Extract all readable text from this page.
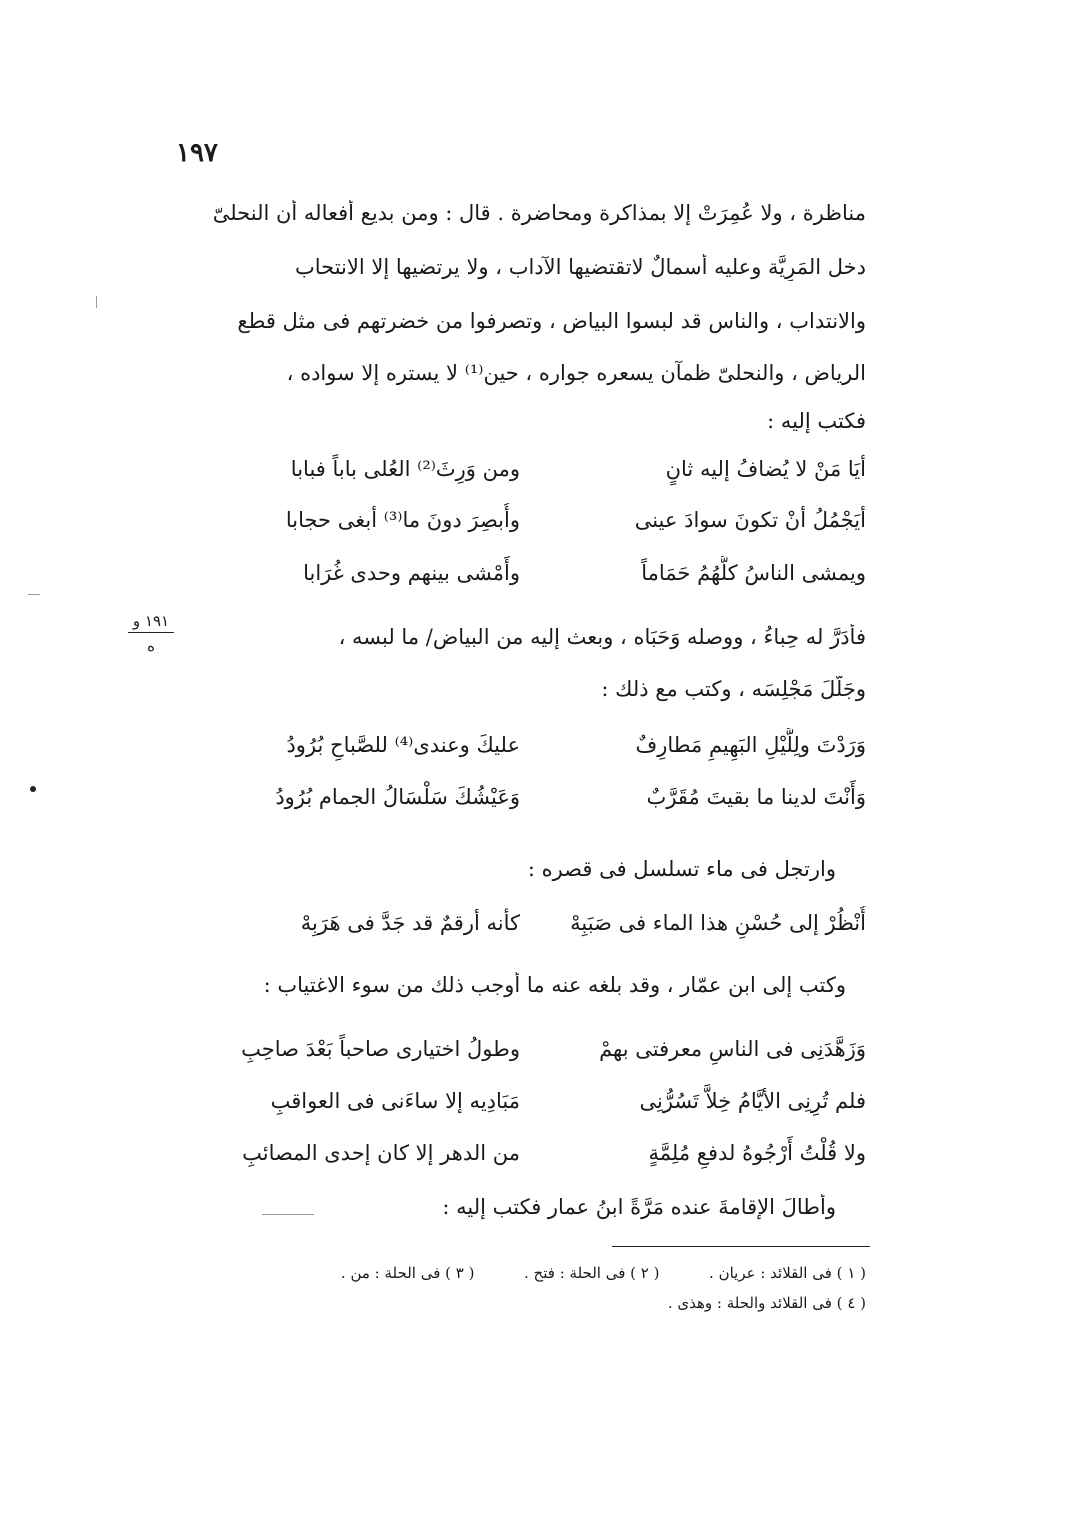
١٩٧
مناظرة ، ولا عُمِرَتْ إلا بمذاكرة ومحاضرة . قال : ومن بديع أفعاله أن النحلىّ
دخل المَرِيَّة وعليه أسمالٌ لاتقتضيها الآداب ، ولا يرتضيها إلا الانتحاب
والانتداب ، والناس قد لبسوا البياض ، وتصرفوا من خضرتهم فى مثل قطع
الرياض ، والنحلىّ ظمآن يسعره جواره ، حين⁽¹⁾ لا يستره إلا سواده ،
فكتب إليه :
أيَا مَنْ لا يُضافُ إليه ثانٍ
ومن وَرِثَ⁽²⁾ العُلى باباً فبابا
أيَجْمُلُ أنْ تكونَ سوادَ عينى
وأُبصِرَ دونَ ما⁽³⁾ أبغى حجابا
ويمشى الناسُ كلُّهُمُ حَمَاماً
وأَمْشى بينهم وحدى غُرَابا
فأَدَرَّ له حِباءُ ، ووصله وَحَبَاه ، وبعث إليه من البياض/ ما لبسه ،
١٩١ و
ه
وجَلَّلَ مَجْلِسَه ، وكتب مع ذلك :
وَرَدْتَ ولِلَّيْلِ البَهِيمِ مَطارِفٌ
عليكَ وعندى⁽⁴⁾ للصَّباحِ بُرُودُ
وَأَنْتَ لدينا ما بقيتَ مُقَرَّبٌ
وَعَيْشُكَ سَلْسَالُ الجمام بُرُودُ
وارتجل فى ماء تسلسل فى قصره :
أُنْظُرْ إلى حُسْنِ هذا الماء فى صَبَبِهْ
كأنه أرقمٌ قد جَدَّ فى هَرَبِهْ
وكتب إلى ابن عمّار ، وقد بلغه عنه ما أوجب ذلك من سوء الاغتياب :
وَزَهَّدَنِى فى الناسِ معرفتى بهمْ
وطولُ اختيارى صاحباً بَعْدَ صاحِبِ
فلم تُرِنِى الأيَّامُ خِلاًّ تَسُرُّنِى
مَبَادِيه إلا ساءَنى فى العواقبِ
ولا قُلْتُ أَرْجُوهُ لدفعِ مُلِمَّةٍ
من الدهر إلا كان إحدى المصائبِ
وأطالَ الإقامةَ عنده مَرَّةً ابنُ عمار فكتب إليه :
( ١ ) فى القلائد : عريان .  ( ٢ ) فى الحلة : فتح .  ( ٣ ) فى الحلة : من .
( ٤ ) فى القلائد والحلة : وهذى .
